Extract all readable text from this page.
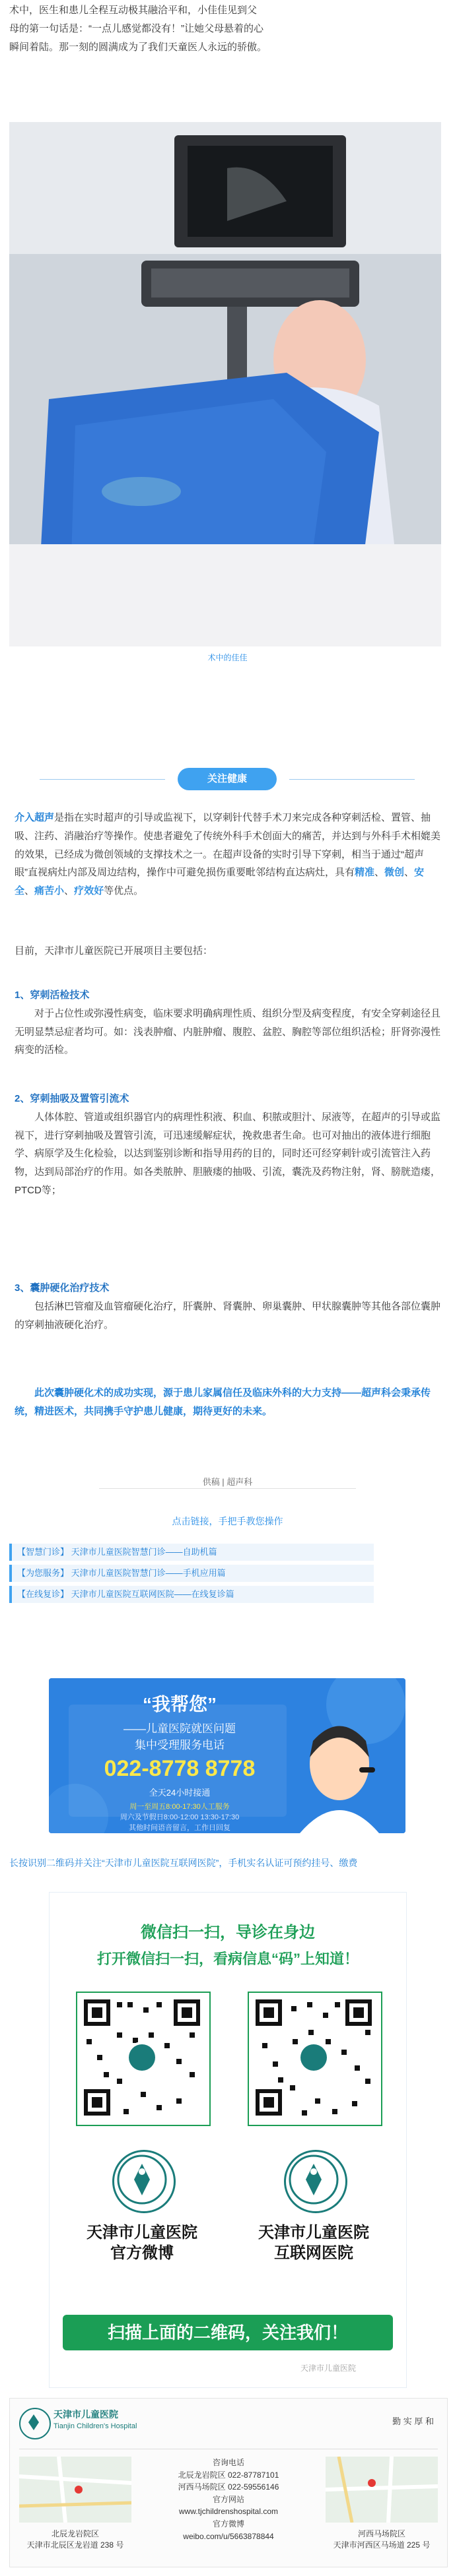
术中，医生和患儿全程互动极其融洽平和，小佳佳见到父

母的第一句话是：“一点儿感觉都没有！”让她父母悬着的心

瞬间着陆。那一刻的圆满成为了我们天童医人永远的骄傲。

术中的佳佳
关注健康

介入超声是指在实时超声的引导或监视下，以穿刺针代替手术刀来完成各种穿刺活检、置管、抽吸、注药、消融治疗等操作。使患者避免了传统外科手术创面大的痛苦，并达到与外科手术相媲美的效果，已经成为微创领域的支撑技术之一。在超声设备的实时引导下穿刺，相当于通过“超声眼”直视病灶内部及周边结构，操作中可避免损伤重要毗邻结构直达病灶，具有精准、微创、安全、痛苦小、疗效好等优点。

目前，天津市儿童医院已开展项目主要包括：

1、穿刺活检技术

对于占位性或弥漫性病变，临床要求明确病理性质、组织分型及病变程度，有安全穿刺途径且无明显禁忌症者均可。如：浅表肿瘤、内脏肿瘤、腹腔、盆腔、胸腔等部位组织活检；肝肾弥漫性病变的活检。

2、穿刺抽吸及置管引流术

人体体腔、管道或组织器官内的病理性积液、积血、积脓或胆汁、尿液等，在超声的引导或监视下，进行穿刺抽吸及置管引流，可迅速缓解症状，挽救患者生命。也可对抽出的液体进行细胞学、病原学及生化检验，以达到鉴别诊断和指导用药的目的，同时还可经穿刺针或引流管注入药物，达到局部治疗的作用。如各类脓肿、胆腋瘘的抽吸、引流，囊洗及药物注射，肾、膀胱造瘘，PTCD等；

3、囊肿硬化治疗技术

包括淋巴管瘤及血管瘤硬化治疗，肝囊肿、肾囊肿、卵巢囊肿、甲状腺囊肿等其他各部位囊肿的穿刺抽液硬化治疗。

此次囊肿硬化术的成功实现，源于患儿家属信任及临床外科的大力支持——超声科会秉承传统，精进医术，共同携手守护患儿健康，期待更好的未来。

供稿 | 超声科
点击链接，手把手教您操作
【智慧门诊】 天津市儿童医院智慧门诊——自助机篇
【为您服务】 天津市儿童医院智慧门诊——手机应用篇
【在线复诊】 天津市儿童医院互联网医院——在线复诊篇
“我帮您”
——儿童医院就医问题
集中受理服务电话
022-8778 8778
全天24小时接通
周一至周五8:00-17:30人工服务
周六及节假日8:00-12:00 13:30-17:30
其他时间语音留言，工作日回复
长按识别二维码并关注“天津市儿童医院互联网医院”，手机实名认证可预约挂号、缴费
微信扫一扫，导诊在身边
打开微信扫一扫，看病信息“码”上知道！
天津市儿童医院
官方微博
天津市儿童医院
互联网医院
扫描上面的二维码，关注我们！
天津市儿童医院
天津市儿童医院
Tianjin Children's Hospital	勤 实 厚 和
咨询电话
北辰龙岩院区 022-87787101
河西马场院区 022-59556146
官方网站
www.tjchildrenshospital.com
官方微博
weibo.com/u/5663878844
北辰龙岩院区
天津市北辰区龙岩道 238 号
河西马场院区
天津市河西区马场道 225 号
